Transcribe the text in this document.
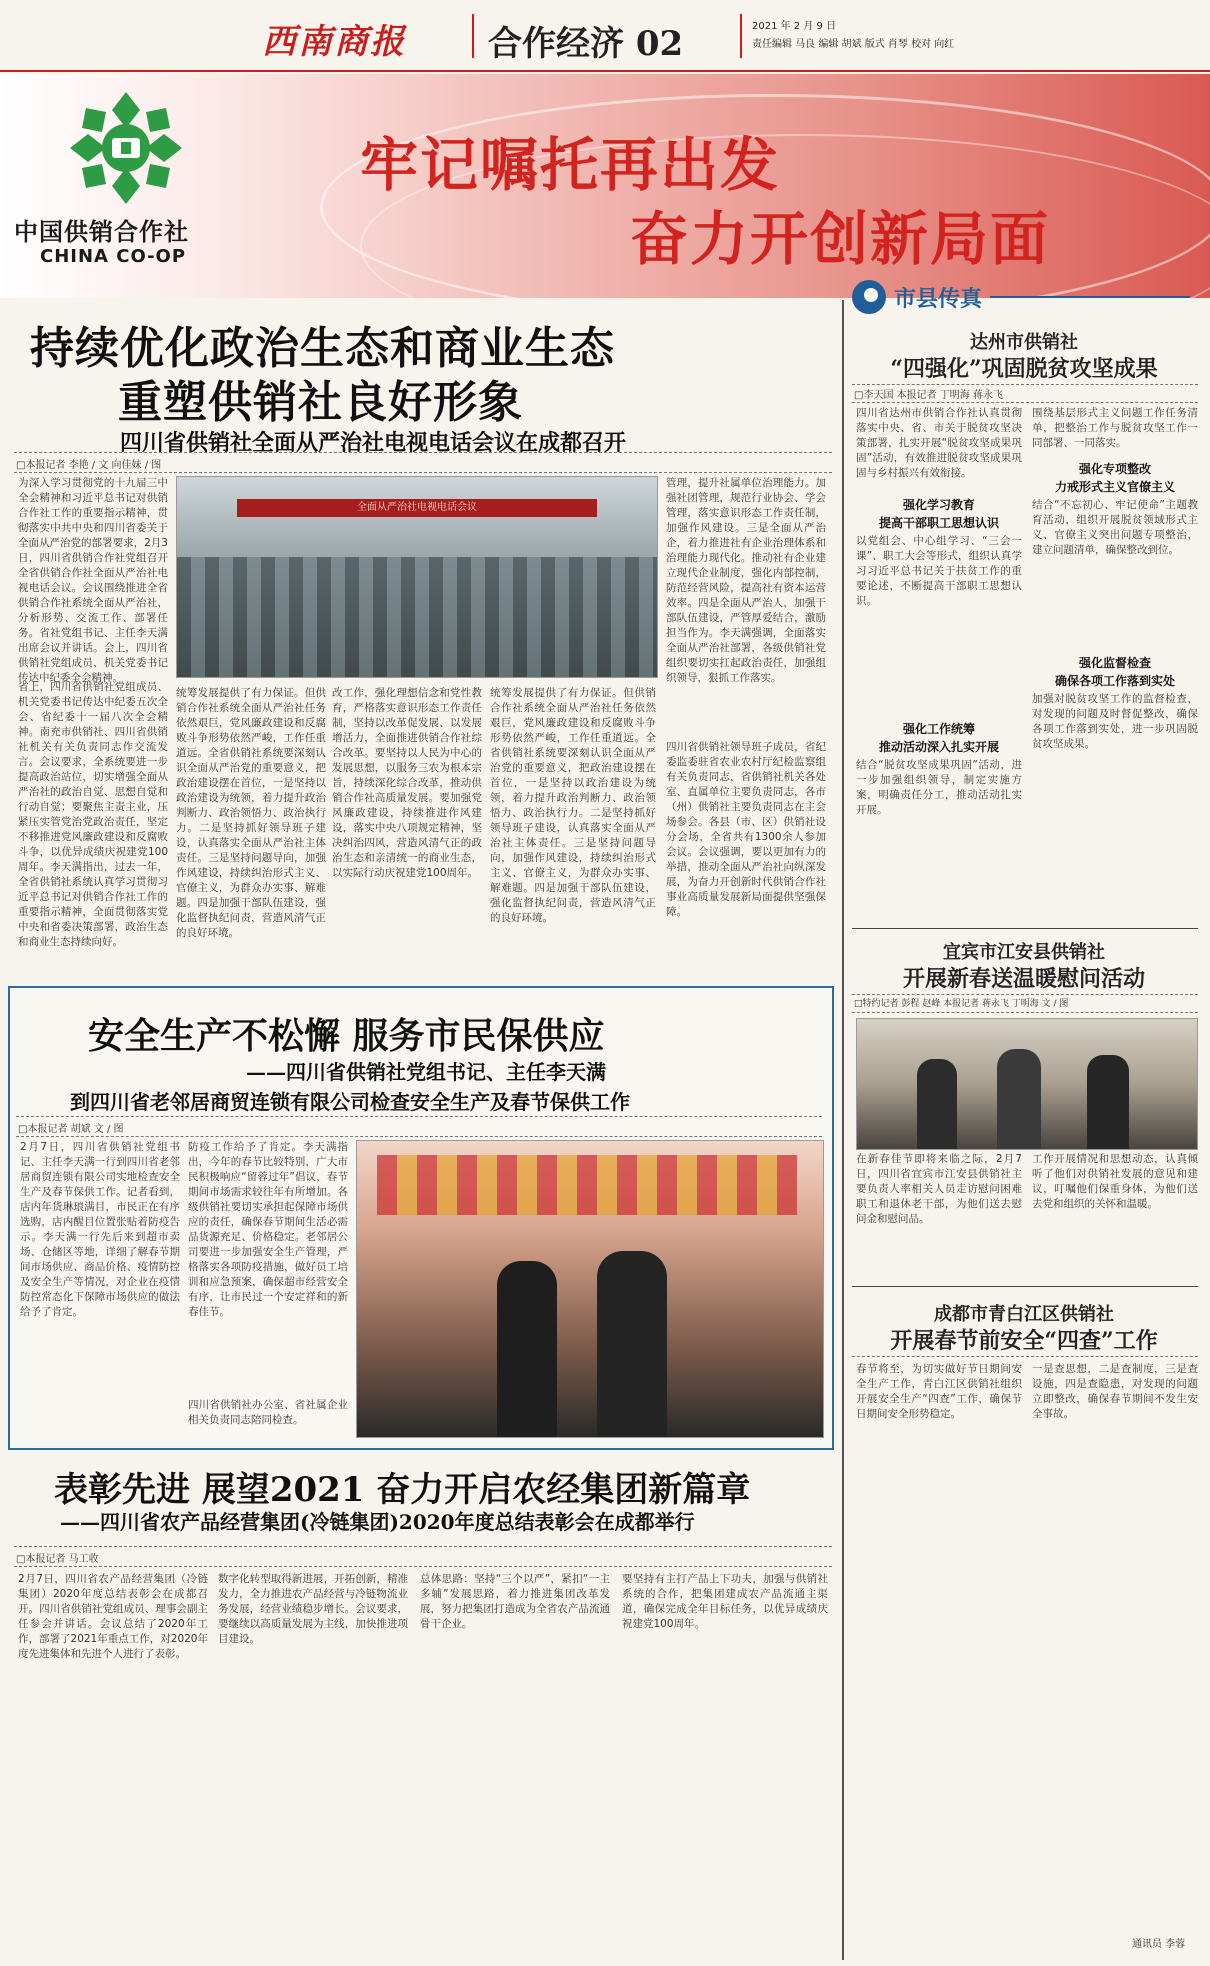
西南商报 合作经济 02	2021 年 2 月 9 日
责任编辑 马良 编辑 胡斌 版式 肖琴 校对 向红
中国供销合作社
CHINA CO-OP
牢记嘱托再出发
奋力开创新局面
持续优化政治生态和商业生态
重塑供销社良好形象
四川省供销社全面从严治社电视电话会议在成都召开
□本报记者 李艳 / 文 向佳妹 / 图
全面从严治社电视电话会议
为深入学习贯彻党的十九届三中全会精神和习近平总书记对供销合作社工作的重要指示精神，贯彻落实中共中央和四川省委关于全面从严治党的部署要求，2月3日，四川省供销合作社党组召开全省供销合作社全面从严治社电视电话会议。会议围绕推进全省供销合作社系统全面从严治社，分析形势、交流工作、部署任务。省社党组书记、主任李天满出席会议并讲话。会上，四川省供销社党组成员、机关党委书记传达中纪委全会精神。
省上，四川省供销社党组成员、机关党委书记传达中纪委五次全会、省纪委十一届八次全会精神。南充市供销社、四川省供销社机关有关负责同志作交流发言。会议要求，全系统要进一步提高政治站位，切实增强全面从严治社的政治自觉、思想自觉和行动自觉；要聚焦主责主业，压紧压实管党治党政治责任，坚定不移推进党风廉政建设和反腐败斗争，以优异成绩庆祝建党100周年。李天满指出，过去一年，全省供销社系统认真学习贯彻习近平总书记对供销合作社工作的重要指示精神，全面贯彻落实党中央和省委决策部署，政治生态和商业生态持续向好。
统筹发展提供了有力保证。但供销合作社系统全面从严治社任务依然艰巨，党风廉政建设和反腐败斗争形势依然严峻，工作任重道远。全省供销社系统要深刻认识全面从严治党的重要意义，把政治建设摆在首位，一是坚持以政治建设为统领，着力提升政治判断力、政治领悟力、政治执行力。二是坚持抓好领导班子建设，认真落实全面从严治社主体责任。三是坚持问题导向，加强作风建设，持续纠治形式主义、官僚主义，为群众办实事、解难题。四是加强干部队伍建设，强化监督执纪问责，营造风清气正的良好环境。
改工作，强化理想信念和党性教育，严格落实意识形态工作责任制，坚持以改革促发展、以发展增活力，全面推进供销合作社综合改革。要坚持以人民为中心的发展思想，以服务三农为根本宗旨，持续深化综合改革，推动供销合作社高质量发展。要加强党风廉政建设，持续推进作风建设，落实中央八项规定精神，坚决纠治四风，营造风清气正的政治生态和亲清统一的商业生态，以实际行动庆祝建党100周年。
管理，提升社属单位治理能力。加强社团管理，规范行业协会、学会管理，落实意识形态工作责任制，加强作风建设。三是全面从严治企，着力推进社有企业治理体系和治理能力现代化。推动社有企业建立现代企业制度，强化内部控制，防范经营风险，提高社有资本运营效率。四是全面从严治人，加强干部队伍建设，严管厚爱结合，激励担当作为。李天满强调，全面落实全面从严治社部署，各级供销社党组织要切实扛起政治责任，加强组织领导，狠抓工作落实。
四川省供销社领导班子成员，省纪委监委驻省农业农村厅纪检监察组有关负责同志，省供销社机关各处室、直属单位主要负责同志，各市（州）供销社主要负责同志在主会场参会。各县（市、区）供销社设分会场，全省共有1300余人参加会议。会议强调，要以更加有力的举措，推动全面从严治社向纵深发展，为奋力开创新时代供销合作社事业高质量发展新局面提供坚强保障。
统筹发展提供了有力保证。但供销合作社系统全面从严治社任务依然艰巨，党风廉政建设和反腐败斗争形势依然严峻，工作任重道远。全省供销社系统要深刻认识全面从严治党的重要意义，把政治建设摆在首位，一是坚持以政治建设为统领，着力提升政治判断力、政治领悟力、政治执行力。二是坚持抓好领导班子建设，认真落实全面从严治社主体责任。三是坚持问题导向，加强作风建设，持续纠治形式主义、官僚主义，为群众办实事、解难题。四是加强干部队伍建设，强化监督执纪问责，营造风清气正的良好环境。
安全生产不松懈 服务市民保供应
——四川省供销社党组书记、主任李天满
到四川省老邻居商贸连锁有限公司检查安全生产及春节保供工作
□本报记者 胡斌 文 / 图
2月7日，四川省供销社党组书记、主任李天满一行到四川省老邻居商贸连锁有限公司实地检查安全生产及春节保供工作。记者看到，店内年货琳琅满目，市民正在有序选购，店内醒目位置张贴着防疫告示。李天满一行先后来到超市卖场、仓储区等地，详细了解春节期间市场供应、商品价格、疫情防控及安全生产等情况，对企业在疫情防控常态化下保障市场供应的做法给予了肯定。
防疫工作给予了肯定。李天满指出，今年的春节比较特别，广大市民积极响应“留蓉过年”倡议，春节期间市场需求较往年有所增加。各级供销社要切实承担起保障市场供应的责任，确保春节期间生活必需品货源充足、价格稳定。老邻居公司要进一步加强安全生产管理，严格落实各项防疫措施，做好员工培训和应急预案，确保超市经营安全有序，让市民过一个安定祥和的新春佳节。
四川省供销社办公室、省社属企业相关负责同志陪同检查。
表彰先进 展望2021 奋力开启农经集团新篇章
——四川省农产品经营集团(冷链集团)2020年度总结表彰会在成都举行
□本报记者 马工收
2月7日，四川省农产品经营集团（冷链集团）2020年度总结表彰会在成都召开。四川省供销社党组成员、理事会副主任参会并讲话。会议总结了2020年工作，部署了2021年重点工作，对2020年度先进集体和先进个人进行了表彰。
数字化转型取得新进展，开拓创新，精准发力，全力推进农产品经营与冷链物流业务发展，经营业绩稳步增长。会议要求，要继续以高质量发展为主线，加快推进项目建设。
总体思路：坚持“三个以严”，紧扣“一主多辅”发展思路，着力推进集团改革发展，努力把集团打造成为全省农产品流通骨干企业。
要坚持有主打产品上下功夫，加强与供销社系统的合作，把集团建成农产品流通主渠道，确保完成全年目标任务，以优异成绩庆祝建党100周年。
市县传真
达州市供销社
“四强化”巩固脱贫攻坚成果
□李天国 本报记者 丁明海 蒋永飞
四川省达州市供销合作社认真贯彻落实中央、省、市关于脱贫攻坚决策部署，扎实开展“脱贫攻坚成果巩固”活动，有效推进脱贫攻坚成果巩固与乡村振兴有效衔接。
强化学习教育
提高干部职工思想认识
以党组会、中心组学习、“三会一课”、职工大会等形式，组织认真学习习近平总书记关于扶贫工作的重要论述，不断提高干部职工思想认识。
强化工作统筹
推动活动深入扎实开展
结合“脱贫攻坚成果巩固”活动，进一步加强组织领导，制定实施方案，明确责任分工，推动活动扎实开展。
围绕基层形式主义问题工作任务清单，把整治工作与脱贫攻坚工作一同部署、一同落实。
强化专项整改
力戒形式主义官僚主义
结合“不忘初心、牢记使命”主题教育活动，组织开展脱贫领域形式主义、官僚主义突出问题专项整治，建立问题清单，确保整改到位。
强化监督检查
确保各项工作落到实处
加强对脱贫攻坚工作的监督检查，对发现的问题及时督促整改，确保各项工作落到实处，进一步巩固脱贫攻坚成果。
宜宾市江安县供销社
开展新春送温暖慰问活动
□特约记者 彭程 赵峰 本报记者 蒋永飞 丁明海 文 / 图
在新春佳节即将来临之际，2月7日，四川省宜宾市江安县供销社主要负责人率相关人员走访慰问困难职工和退休老干部，为他们送去慰问金和慰问品。
工作开展情况和思想动态，认真倾听了他们对供销社发展的意见和建议，叮嘱他们保重身体，为他们送去党和组织的关怀和温暖。
成都市青白江区供销社
开展春节前安全“四查”工作
春节将至，为切实做好节日期间安全生产工作，青白江区供销社组织开展安全生产“四查”工作，确保节日期间安全形势稳定。
一是查思想，二是查制度，三是查设施，四是查隐患，对发现的问题立即整改，确保春节期间不发生安全事故。
通讯员 李蓉
